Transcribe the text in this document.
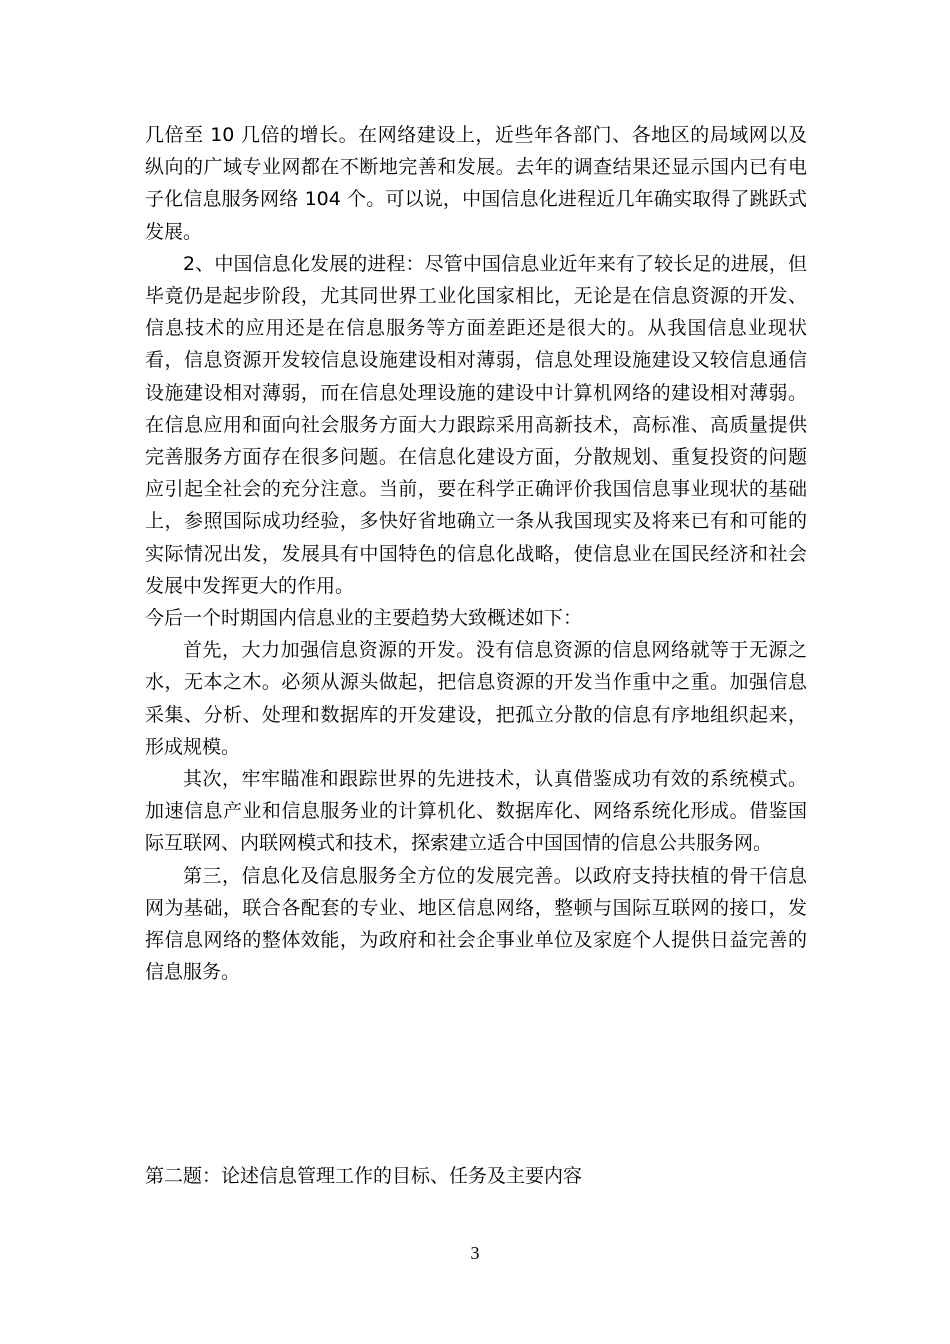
几倍至 10 几倍的增长。在网络建设上，近些年各部门、各地区的局域网以及纵向的广域专业网都在不断地完善和发展。去年的调查结果还显示国内已有电子化信息服务网络 104 个。可以说，中国信息化进程近几年确实取得了跳跃式发展。

2、中国信息化发展的进程：尽管中国信息业近年来有了较长足的进展，但毕竟仍是起步阶段，尤其同世界工业化国家相比，无论是在信息资源的开发、信息技术的应用还是在信息服务等方面差距还是很大的。从我国信息业现状看，信息资源开发较信息设施建设相对薄弱，信息处理设施建设又较信息通信设施建设相对薄弱，而在信息处理设施的建设中计算机网络的建设相对薄弱。在信息应用和面向社会服务方面大力跟踪采用高新技术，高标准、高质量提供完善服务方面存在很多问题。在信息化建设方面，分散规划、重复投资的问题应引起全社会的充分注意。当前，要在科学正确评价我国信息事业现状的基础上，参照国际成功经验，多快好省地确立一条从我国现实及将来已有和可能的实际情况出发，发展具有中国特色的信息化战略，使信息业在国民经济和社会发展中发挥更大的作用。

今后一个时期国内信息业的主要趋势大致概述如下：

首先，大力加强信息资源的开发。没有信息资源的信息网络就等于无源之水，无本之木。必须从源头做起，把信息资源的开发当作重中之重。加强信息采集、分析、处理和数据库的开发建设，把孤立分散的信息有序地组织起来，形成规模。

其次，牢牢瞄准和跟踪世界的先进技术，认真借鉴成功有效的系统模式。加速信息产业和信息服务业的计算机化、数据库化、网络系统化形成。借鉴国际互联网、内联网模式和技术，探索建立适合中国国情的信息公共服务网。

第三，信息化及信息服务全方位的发展完善。以政府支持扶植的骨干信息网为基础，联合各配套的专业、地区信息网络，整顿与国际互联网的接口，发挥信息网络的整体效能，为政府和社会企事业单位及家庭个人提供日益完善的信息服务。

第二题：论述信息管理工作的目标、任务及主要内容

3
